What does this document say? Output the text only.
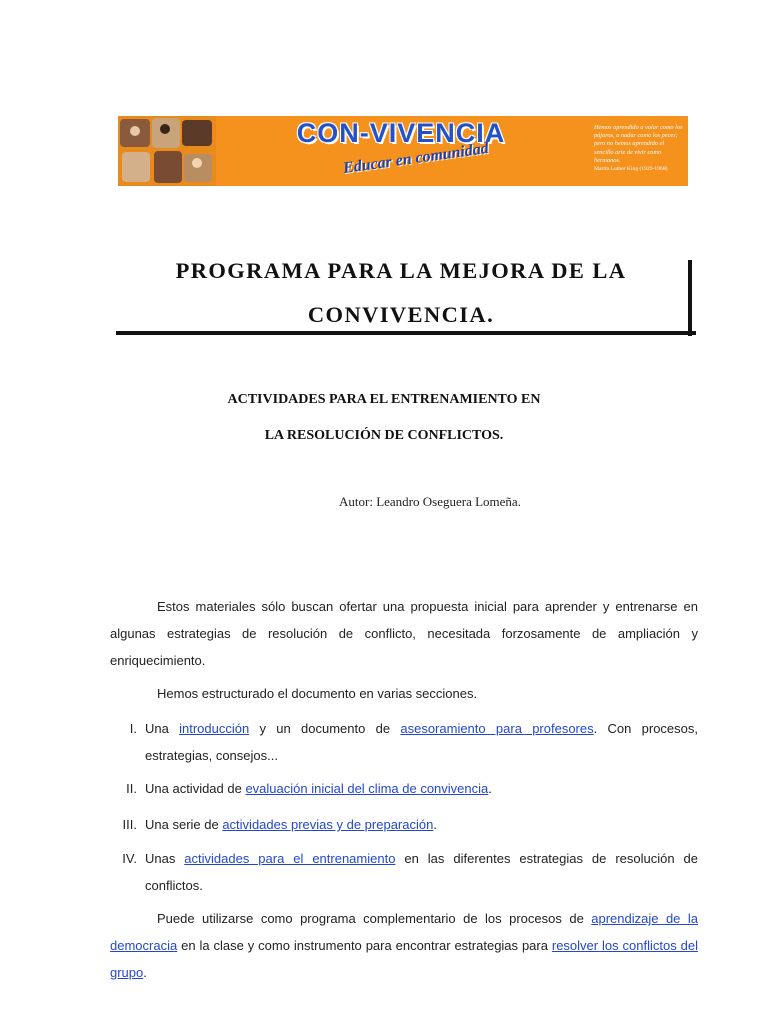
CON-VIVENCIA
Educar en comunidad
Hemos aprendido a volar como los pájaros, a nadar como los peces; pero no hemos aprendido el sencillo arte de vivir como hermanos.
Martin Luther King (1929-1968)
PROGRAMA PARA LA MEJORA DE LA
CONVIVENCIA.
ACTIVIDADES PARA EL ENTRENAMIENTO EN
LA RESOLUCIÓN DE CONFLICTOS.
Autor: Leandro Oseguera Lomeña.
Estos materiales sólo buscan ofertar una propuesta inicial para aprender y entrenarse en algunas estrategias de resolución de conflicto, necesitada forzosamente de ampliación y enriquecimiento.
Hemos estructurado el documento en varias secciones.
I. Una introducción y un documento de asesoramiento para profesores. Con procesos, estrategias, consejos...
II. Una actividad de evaluación inicial del clima de convivencia.
III. Una serie de actividades previas y de preparación.
IV. Unas actividades para el entrenamiento en las diferentes estrategias de resolución de conflictos.
Puede utilizarse como programa complementario de los procesos de aprendizaje de la democracia en la clase y como instrumento para encontrar estrategias para resolver los conflictos del grupo.
